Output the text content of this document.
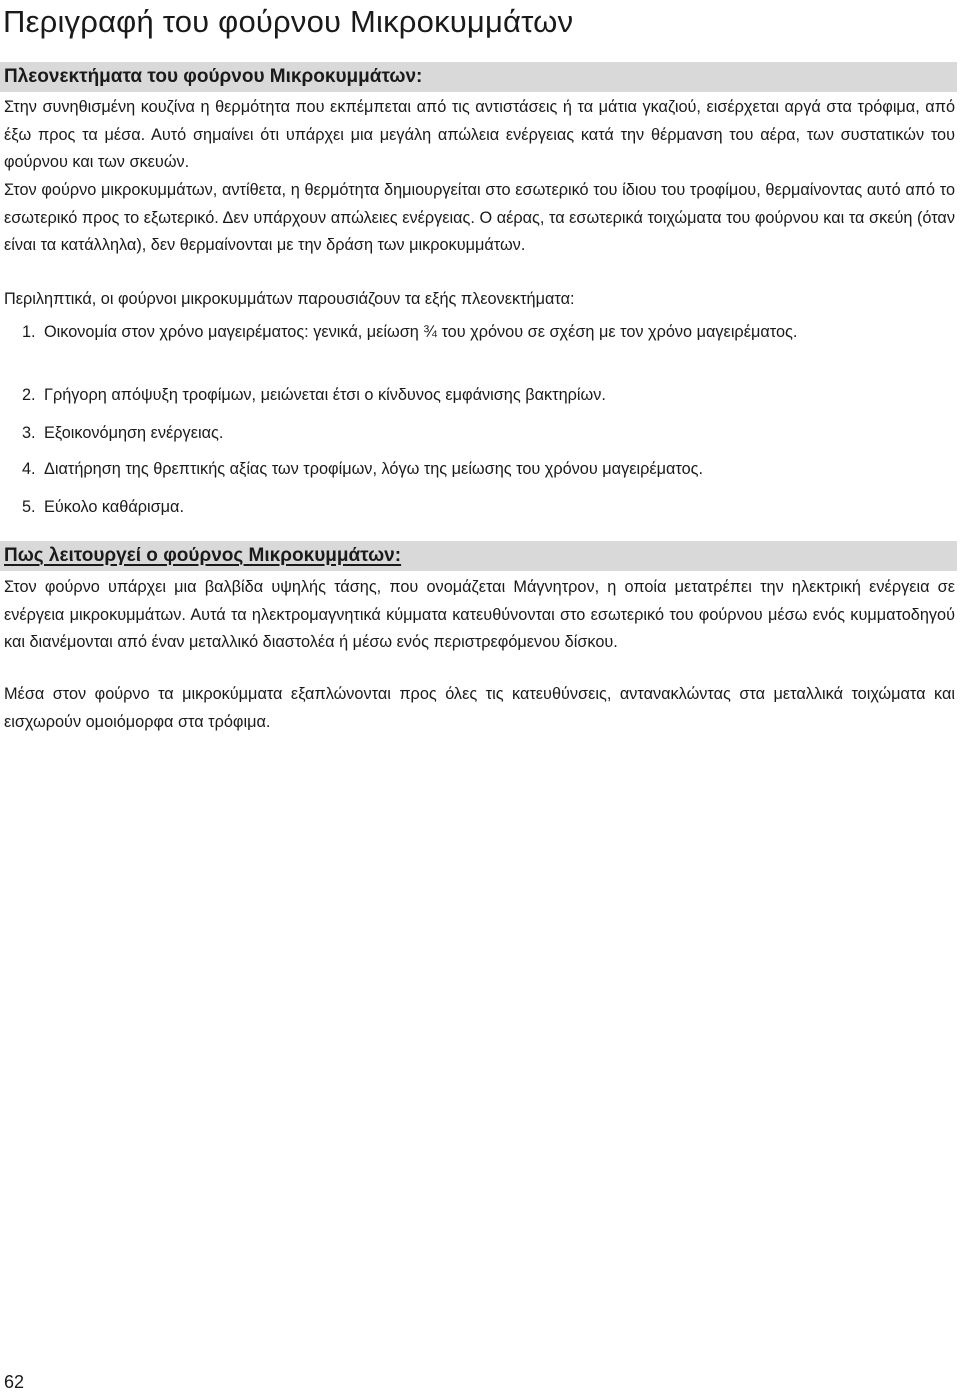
Περιγραφή του φούρνου Μικροκυμμάτων
Πλεονεκτήματα του φούρνου Μικροκυμμάτων:

Στην συνηθισμένη κουζίνα η θερμότητα που εκπέμπεται από τις αντιστάσεις ή τα μάτια γκαζιού, εισέρχεται αργά στα τρόφιμα, από έξω προς τα μέσα. Αυτό σημαίνει ότι υπάρχει μια μεγάλη απώλεια ενέργειας κατά την θέρμανση του αέρα, των συστατικών του φούρνου και των σκευών.

Στον φούρνο μικροκυμμάτων, αντίθετα, η θερμότητα δημιουργείται στο εσωτερικό του ίδιου του τροφίμου, θερμαίνοντας αυτό από το εσωτερικό προς το εξωτερικό. Δεν υπάρχουν απώλειες ενέργειας. Ο αέρας, τα εσωτερικά τοιχώματα του φούρνου και τα σκεύη (όταν είναι τα κατάλληλα), δεν θερμαίνονται με την δράση των μικροκυμμάτων.

Περιληπτικά, οι φούρνοι μικροκυμμάτων παρουσιάζουν τα εξής πλεονεκτήματα:

1. Οικονομία στον χρόνο μαγειρέματος: γενικά, μείωση ¾ του χρόνου σε σχέση με τον χρόνο μαγειρέματος.
2. Γρήγορη απόψυξη τροφίμων, μειώνεται έτσι ο κίνδυνος εμφάνισης βακτηρίων.
3. Εξοικονόμηση ενέργειας.
4. Διατήρηση της θρεπτικής αξίας των τροφίμων, λόγω της μείωσης του χρόνου μαγειρέματος.
5. Εύκολο καθάρισμα.
Πως λειτουργεί ο φούρνος Μικροκυμμάτων:

Στον φούρνο υπάρχει μια βαλβίδα υψηλής τάσης, που ονομάζεται Μάγνητρον, η οποία μετατρέπει την ηλεκτρική ενέργεια σε ενέργεια μικροκυμμάτων. Αυτά τα ηλεκτρομαγνητικά κύμματα κατευθύνονται στο εσωτερικό του φούρνου μέσω ενός κυμματοδηγού και διανέμονται από έναν μεταλλικό διαστολέα ή μέσω ενός περιστρεφόμενου δίσκου.

Μέσα στον φούρνο τα μικροκύμματα εξαπλώνονται προς όλες τις κατευθύνσεις, αντανακλώντας στα μεταλλικά τοιχώματα και εισχωρούν ομοιόμορφα στα τρόφιμα.

62
